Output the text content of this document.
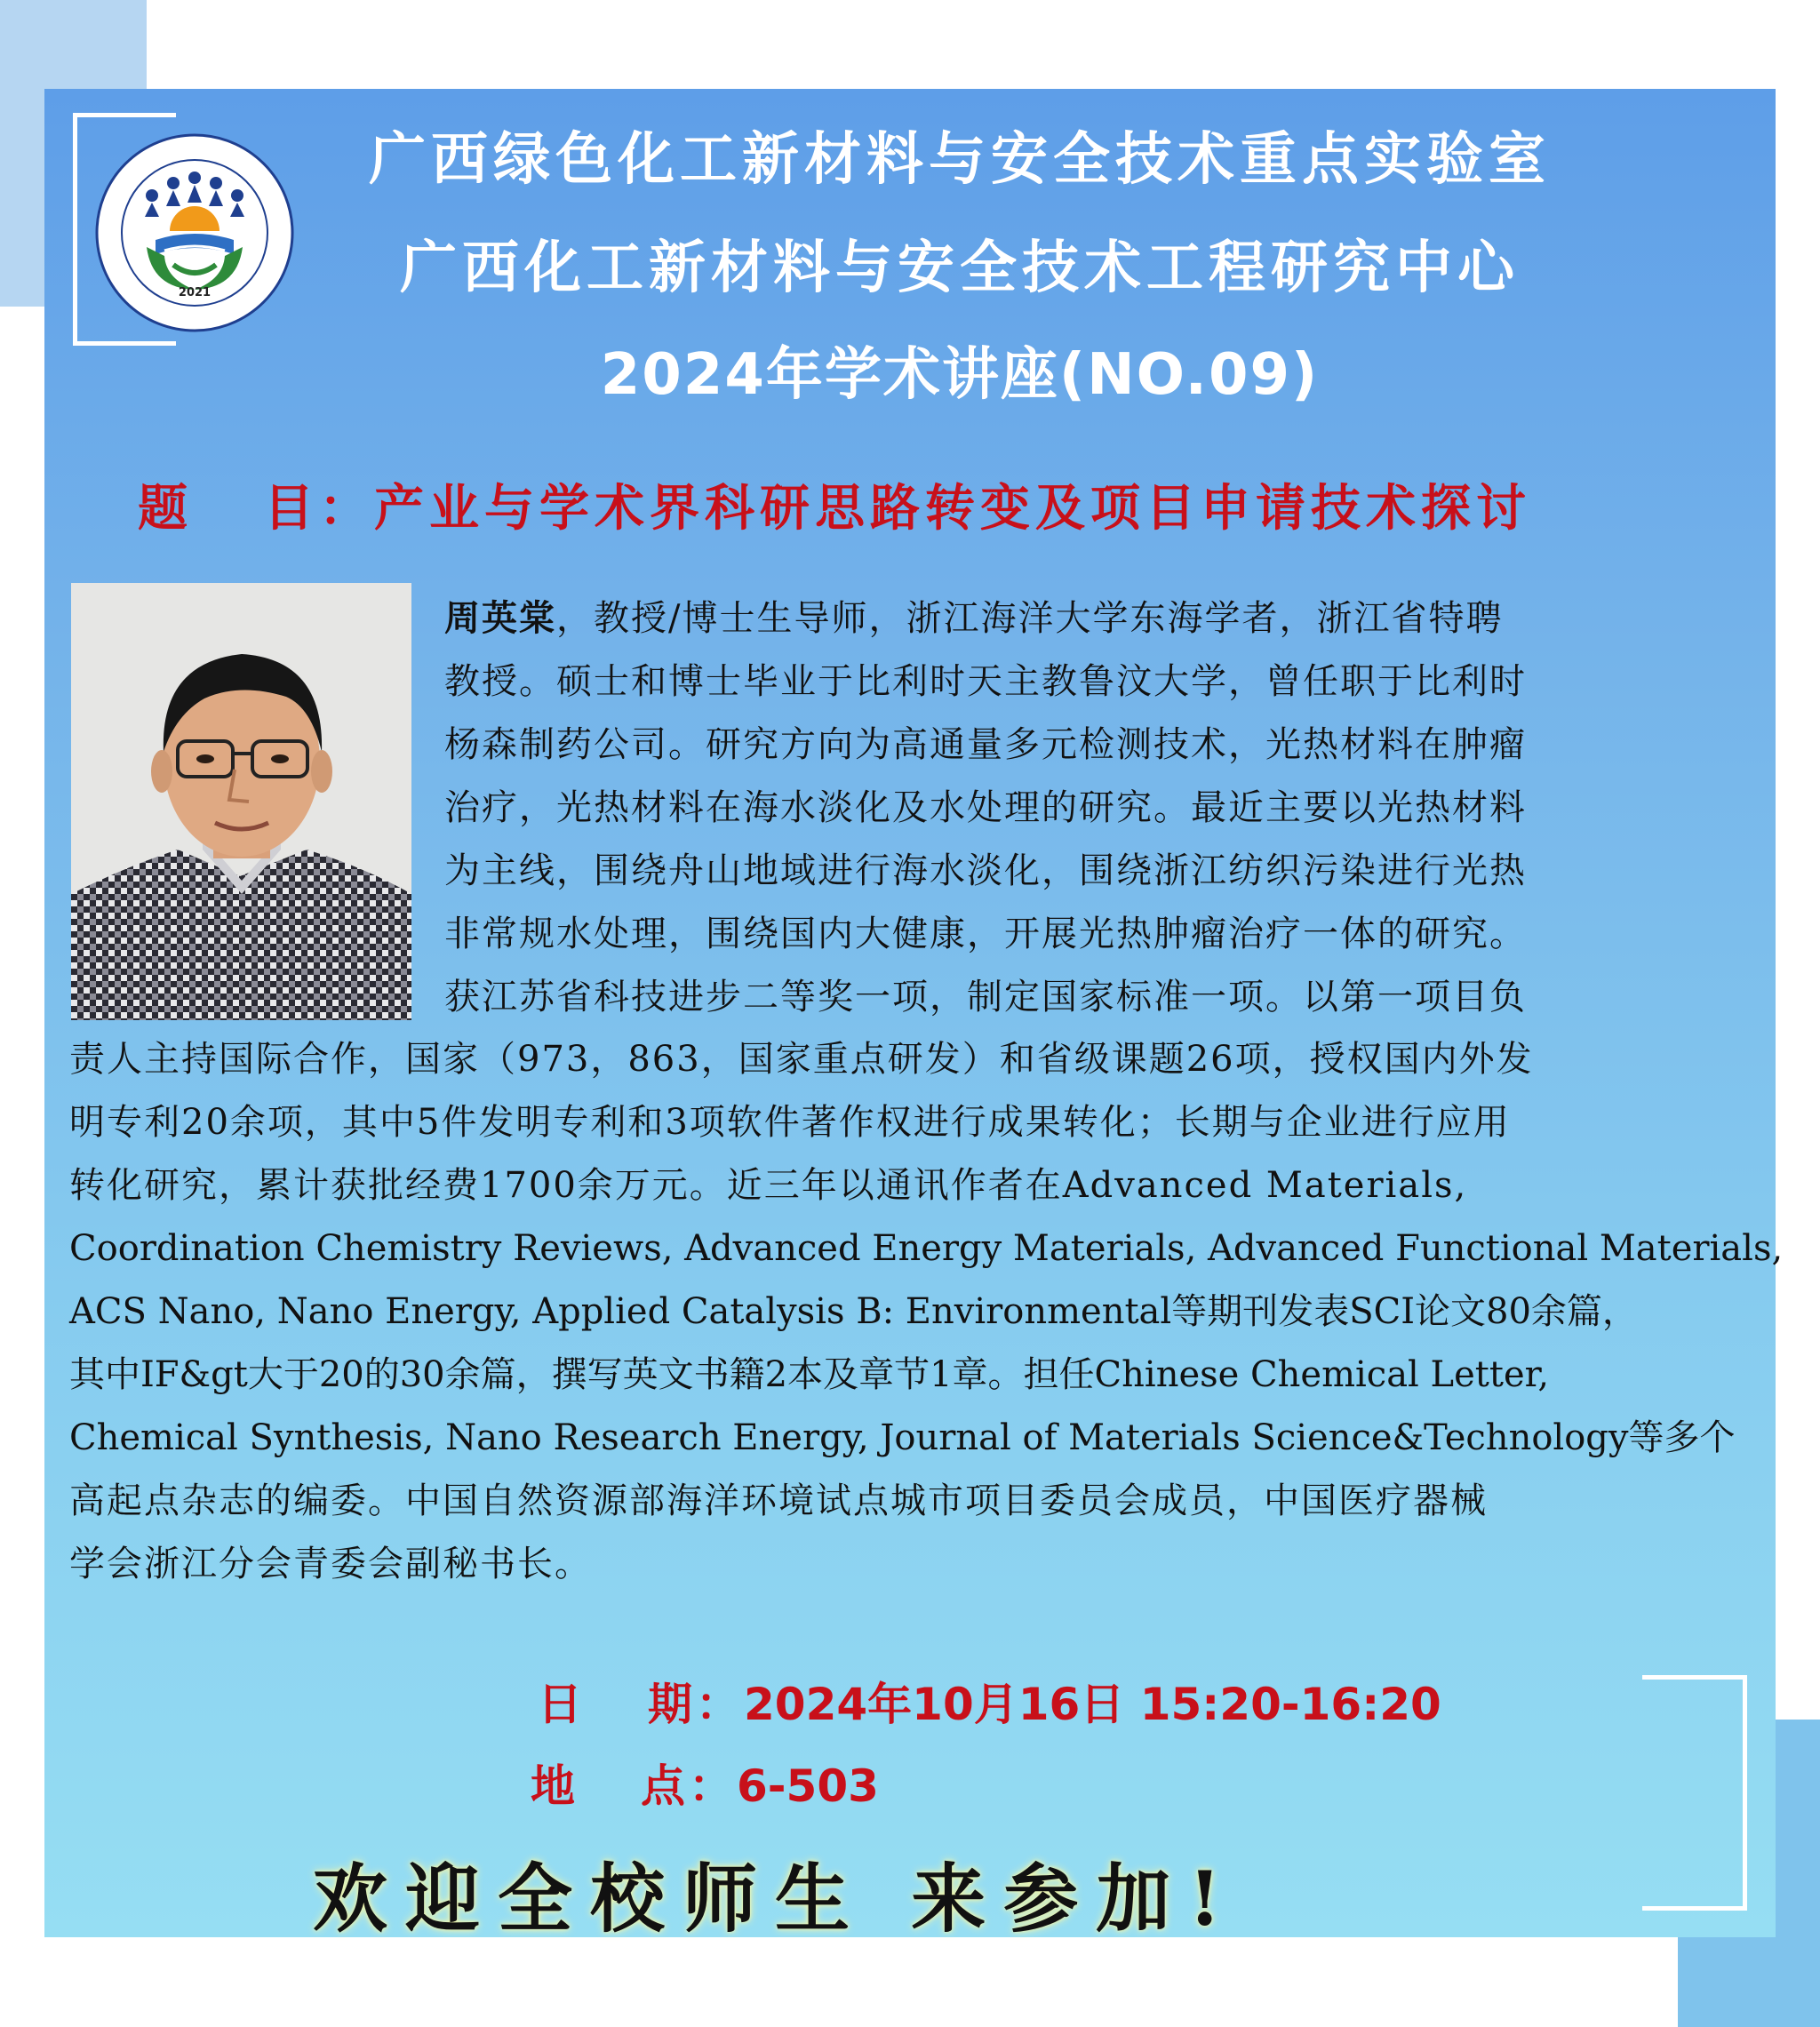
2021
广西绿色化工新材料与安全技术重点实验室
广西化工新材料与安全技术工程研究中心
2024年学术讲座(NO.09)
题 目：产业与学术界科研思路转变及项目申请技术探讨
周英棠，教授/博士生导师，浙江海洋大学东海学者，浙江省特聘
教授。硕士和博士毕业于比利时天主教鲁汶大学，曾任职于比利时
杨森制药公司。研究方向为高通量多元检测技术，光热材料在肿瘤
治疗，光热材料在海水淡化及水处理的研究。最近主要以光热材料
为主线，围绕舟山地域进行海水淡化，围绕浙江纺织污染进行光热
非常规水处理，围绕国内大健康，开展光热肿瘤治疗一体的研究。
获江苏省科技进步二等奖一项，制定国家标准一项。以第一项目负
责人主持国际合作，国家（973，863，国家重点研发）和省级课题26项，授权国内外发
明专利20余项，其中5件发明专利和3项软件著作权进行成果转化；长期与企业进行应用
转化研究，累计获批经费1700余万元。近三年以通讯作者在Advanced Materials,
Coordination Chemistry Reviews, Advanced Energy Materials, Advanced Functional Materials,
ACS Nano, Nano Energy, Applied Catalysis B: Environmental等期刊发表SCI论文80余篇，
其中IF&gt大于20的30余篇，撰写英文书籍2本及章节1章。担任Chinese Chemical Letter,
Chemical Synthesis, Nano Research Energy, Journal of Materials Science&Technology等多个
高起点杂志的编委。中国自然资源部海洋环境试点城市项目委员会成员，中国医疗器械
学会浙江分会青委会副秘书长。
日 期：2024年10月16日 15:20-16:20
地 点：6-503
欢迎全校师生 来参加!
